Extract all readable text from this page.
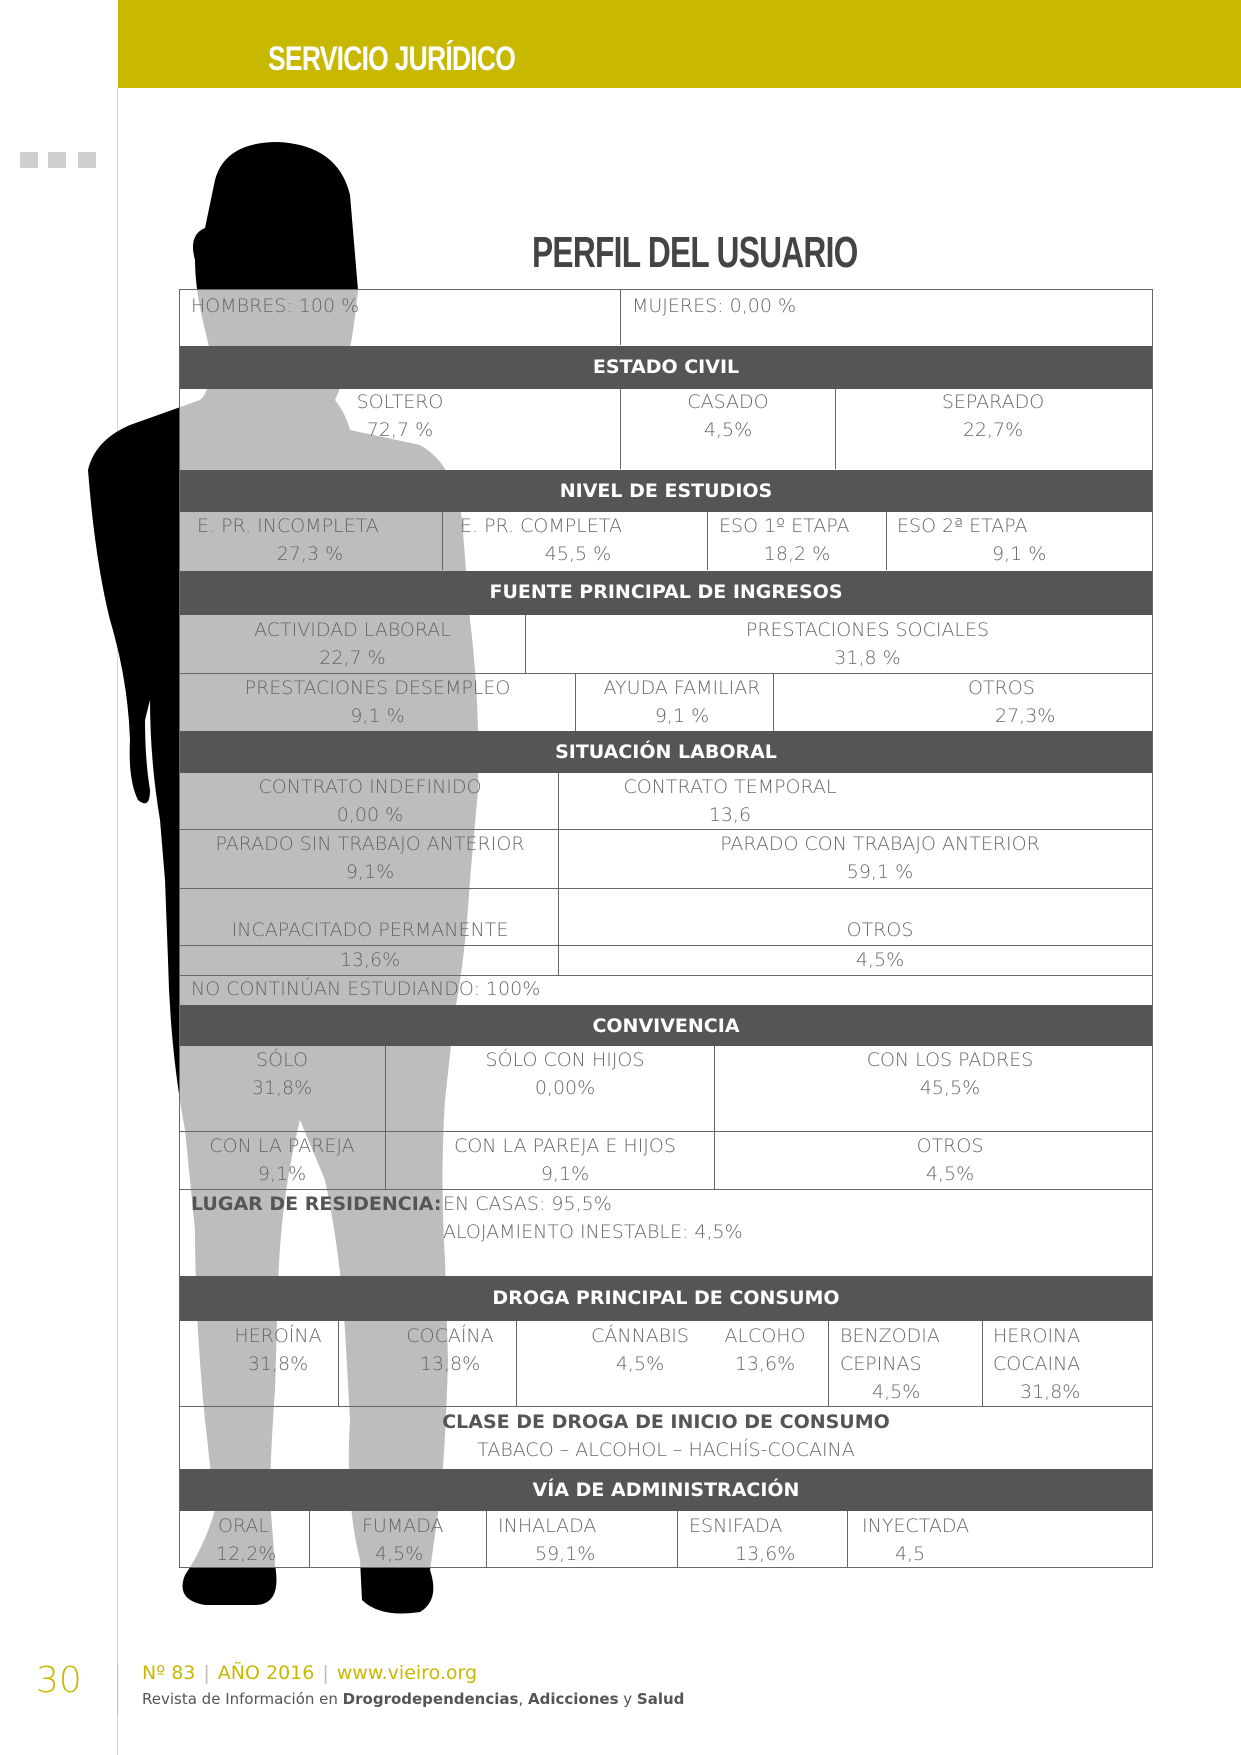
SERVICIO JURÍDICO
PERFIL DEL USUARIO
HOMBRES: 100 %	MUJERES: 0,00 %
ESTADO CIVIL
SOLTERO
72,7 %
CASADO
4,5%
SEPARADO
22,7%
NIVEL DE ESTUDIOS
E. PR. INCOMPLETA
27,3 %
E. PR. COMPLETA
45,5 %
ESO 1º ETAPA
18,2 %
ESO 2ª ETAPA
9,1 %
FUENTE PRINCIPAL DE INGRESOS
ACTIVIDAD LABORAL
22,7 %
PRESTACIONES SOCIALES
31,8 %
PRESTACIONES DESEMPLEO
9,1 %
AYUDA FAMILIAR
9,1 %
OTROS
27,3%
SITUACIÓN LABORAL
CONTRATO INDEFINIDO
0,00 %
CONTRATO TEMPORAL
13,6
PARADO SIN TRABAJO ANTERIOR
9,1%
PARADO CON TRABAJO ANTERIOR
59,1 %
INCAPACITADO PERMANENTE
13,6%
OTROS
4,5%
NO CONTINÚAN ESTUDIANDO: 100%
CONVIVENCIA
SÓLO
31,8%
SÓLO CON HIJOS
0,00%
CON LOS PADRES
45,5%
CON LA PAREJA
9,1%
CON LA PAREJA E HIJOS
9,1%
OTROS
4,5%
LUGAR DE RESIDENCIA: EN CASAS: 95,5%
ALOJAMIENTO INESTABLE: 4,5%
DROGA PRINCIPAL DE CONSUMO
HEROÍNA
31,8%
COCAÍNA
13,8%
CÁNNABIS
4,5%
ALCOHO
13,6%
BENZODIA
CEPINAS
4,5%
HEROINA
COCAINA
31,8%
CLASE DE DROGA DE INICIO DE CONSUMO
TABACO – ALCOHOL – HACHÍS-COCAINA
VÍA DE ADMINISTRACIÓN
ORAL
12,2%
FUMADA
4,5%
INHALADA
59,1%
ESNIFADA
13,6%
INYECTADA
4,5
30	Nº 83 | AÑO 2016 | www.vieiro.org
Revista de Información en Drogrodependencias, Adicciones y Salud
